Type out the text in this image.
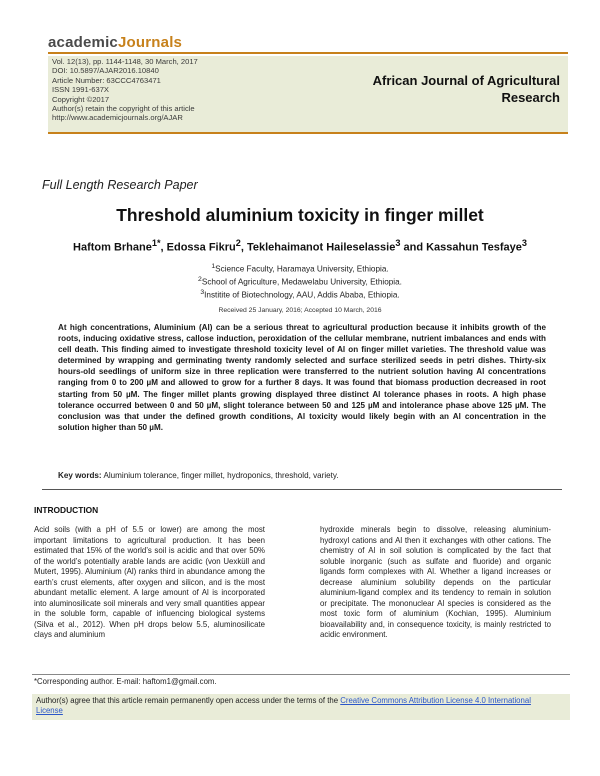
academicJournals
Vol. 12(13), pp. 1144-1148, 30 March, 2017
DOI: 10.5897/AJAR2016.10840
Article Number: 63CCC4763471
ISSN 1991-637X
Copyright ©2017
Author(s) retain the copyright of this article
http://www.academicjournals.org/AJAR
African Journal of Agricultural
Research
Full Length Research Paper
Threshold aluminium toxicity in finger millet
Haftom Brhane$^{1*}$, Edossa Fikru$^2$, Teklehaimanot Haileselassie$^3$ and Kassahun Tesfaye$^3$
$^1$Science Faculty, Haramaya University, Ethiopia.
$^2$School of Agriculture, Medawelabu University, Ethiopia.
$^3$Institite of Biotechnology, AAU, Addis Ababa, Ethiopia.
Received 25 January, 2016; Accepted 10 March, 2016
At high concentrations, Aluminium (Al) can be a serious threat to agricultural production because it inhibits growth of the roots, inducing oxidative stress, callose induction, peroxidation of the cellular membrane, nutrient imbalances and ends with cell death. This finding aimed to investigate threshold toxicity level of Al on finger millet varieties. The threshold value was determined by wrapping and germinating twenty randomly selected and surface sterilized seeds in petri dishes. Thirty-six hours-old seedlings of uniform size in three replication were transferred to the nutrient solution having Al concentrations ranging from 0 to 200 µM and allowed to grow for a further 8 days. It was found that biomass production decreased in root starting from 50 µM. The finger millet plants growing displayed three distinct Al tolerance phases in roots. A high phase tolerance occurred between 0 and 50 µM, slight tolerance between 50 and 125 µM and intolerance phase above 125 µM. The conclusion was that under the defined growth conditions, Al toxicity would likely begin with an Al concentration in the solution higher than 50 µM.
Key words: Aluminium tolerance, finger millet, hydroponics, threshold, variety.
INTRODUCTION
Acid soils (with a pH of 5.5 or lower) are among the most important limitations to agricultural production. It has been estimated that 15% of the world’s soil is acidic and that over 50% of the world’s potentially arable lands are acidic (von Uexküll and Mutert, 1995). Aluminium (Al) ranks third in abundance among the earth’s crust elements, after oxygen and silicon, and is the most abundant metallic element. A large amount of Al is incorporated into aluminosilicate soil minerals and very small quantities appear in the soluble form, capable of influencing biological systems (Silva et al., 2012). When pH drops below 5.5, aluminosilicate clays and aluminium
hydroxide minerals begin to dissolve, releasing aluminium-hydroxyl cations and Al then it exchanges with other cations. The chemistry of Al in soil solution is complicated by the fact that soluble inorganic (such as sulfate and fluoride) and organic ligands form complexes with Al. Whether a ligand increases or decrease aluminium solubility depends on the particular aluminium-ligand complex and its tendency to remain in solution or precipitate. The mononuclear Al species is considered as the most toxic form of aluminium (Kochian, 1995). Aluminium bioavailability and, in consequence toxicity, is mainly restricted to acidic environment.
*Corresponding author. E-mail: haftom1@gmail.com.
Author(s) agree that this article remain permanently open access under the terms of the Creative Commons Attribution License 4.0 International License
